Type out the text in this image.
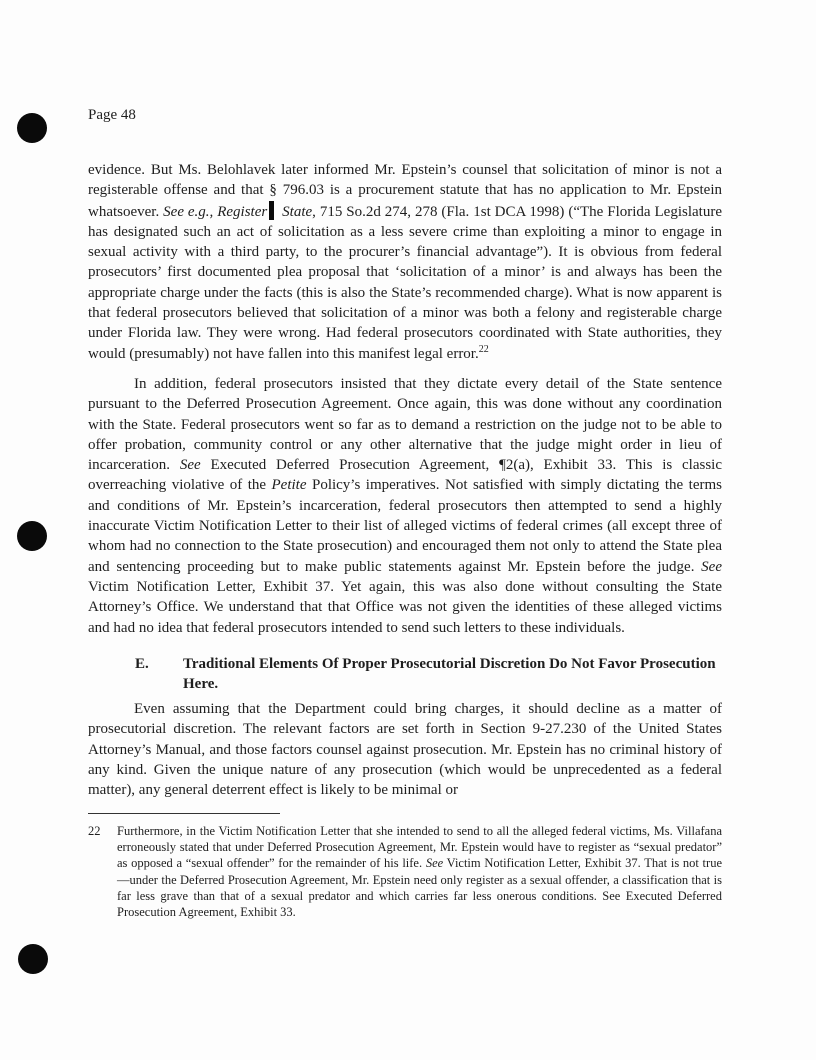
Page 48

evidence. But Ms. Belohlavek later informed Mr. Epstein’s counsel that solicitation of minor is not a registerable offense and that § 796.03 is a procurement statute that has no application to Mr. Epstein whatsoever. See e.g., Register State, 715 So.2d 274, 278 (Fla. 1st DCA 1998) (“The Florida Legislature has designated such an act of solicitation as a less severe crime than exploiting a minor to engage in sexual activity with a third party, to the procurer’s financial advantage”). It is obvious from federal prosecutors’ first documented plea proposal that ‘solicitation of a minor’ is and always has been the appropriate charge under the facts (this is also the State’s recommended charge). What is now apparent is that federal prosecutors believed that solicitation of a minor was both a felony and registerable charge under Florida law. They were wrong. Had federal prosecutors coordinated with State authorities, they would (presumably) not have fallen into this manifest legal error.$^{22}$

In addition, federal prosecutors insisted that they dictate every detail of the State sentence pursuant to the Deferred Prosecution Agreement. Once again, this was done without any coordination with the State. Federal prosecutors went so far as to demand a restriction on the judge not to be able to offer probation, community control or any other alternative that the judge might order in lieu of incarceration. See Executed Deferred Prosecution Agreement, ¶2(a), Exhibit 33. This is classic overreaching violative of the Petite Policy’s imperatives. Not satisfied with simply dictating the terms and conditions of Mr. Epstein’s incarceration, federal prosecutors then attempted to send a highly inaccurate Victim Notification Letter to their list of alleged victims of federal crimes (all except three of whom had no connection to the State prosecution) and encouraged them not only to attend the State plea and sentencing proceeding but to make public statements against Mr. Epstein before the judge. See Victim Notification Letter, Exhibit 37. Yet again, this was also done without consulting the State Attorney’s Office. We understand that that Office was not given the identities of these alleged victims and had no idea that federal prosecutors intended to send such letters to these individuals.

E. Traditional Elements Of Proper Prosecutorial Discretion Do Not Favor Prosecution Here.

Even assuming that the Department could bring charges, it should decline as a matter of prosecutorial discretion. The relevant factors are set forth in Section 9-27.230 of the United States Attorney’s Manual, and those factors counsel against prosecution. Mr. Epstein has no criminal history of any kind. Given the unique nature of any prosecution (which would be unprecedented as a federal matter), any general deterrent effect is likely to be minimal or

22 Furthermore, in the Victim Notification Letter that she intended to send to all the alleged federal victims, Ms. Villafana erroneously stated that under Deferred Prosecution Agreement, Mr. Epstein would have to register as “sexual predator” as opposed a “sexual offender” for the remainder of his life. See Victim Notification Letter, Exhibit 37. That is not true—under the Deferred Prosecution Agreement, Mr. Epstein need only register as a sexual offender, a classification that is far less grave than that of a sexual predator and which carries far less onerous conditions. See Executed Deferred Prosecution Agreement, Exhibit 33.
